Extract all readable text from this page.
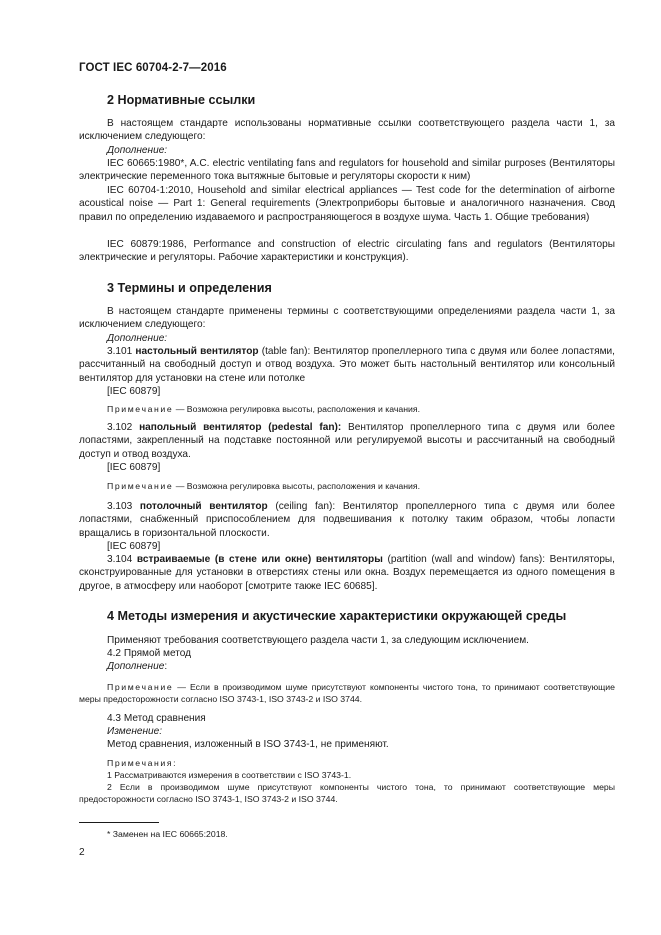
ГОСТ IEC 60704-2-7—2016
2 Нормативные ссылки
В настоящем стандарте использованы нормативные ссылки соответствующего раздела части 1, за исключением следующего:
Дополнение:
IEC 60665:1980*, A.C. electric ventilating fans and regulators for household and similar purposes (Вентиляторы электрические переменного тока вытяжные бытовые и регуляторы скорости к ним)
IEC 60704-1:2010, Household and similar electrical appliances — Test code for the determination of airborne acoustical noise — Part 1: General requirements (Электроприборы бытовые и аналогичного назначения. Свод правил по определению издаваемого и распространяющегося в воздухе шума. Часть 1. Общие требования)
IEC 60879:1986, Performance and construction of electric circulating fans and regulators (Вентиляторы электрические и регуляторы. Рабочие характеристики и конструкция).
3 Термины и определения
В настоящем стандарте применены термины с соответствующими определениями раздела части 1, за исключением следующего:
Дополнение:
3.101 настольный вентилятор (table fan): Вентилятор пропеллерного типа с двумя или более лопастями, рассчитанный на свободный доступ и отвод воздуха. Это может быть настольный вентилятор или консольный вентилятор для установки на стене или потолке
[IEC 60879]
Примечание — Возможна регулировка высоты, расположения и качания.
3.102 напольный вентилятор (pedestal fan): Вентилятор пропеллерного типа с двумя или более лопастями, закрепленный на подставке постоянной или регулируемой высоты и рассчитанный на свободный доступ и отвод воздуха.
[IEC 60879]
Примечание — Возможна регулировка высоты, расположения и качания.
3.103 потолочный вентилятор (ceiling fan): Вентилятор пропеллерного типа с двумя или более лопастями, снабженный приспособлением для подвешивания к потолку таким образом, чтобы лопасти вращались в горизонтальной плоскости.
[IEC 60879]
3.104 встраиваемые (в стене или окне) вентиляторы (partition (wall and window) fans): Вентиляторы, сконструированные для установки в отверстиях стены или окна. Воздух перемещается из одного помещения в другое, в атмосферу или наоборот [смотрите также IEC 60685].
4 Методы измерения и акустические характеристики окружающей среды
Применяют требования соответствующего раздела части 1, за следующим исключением.
4.2 Прямой метод
Дополнение:
Примечание — Если в производимом шуме присутствуют компоненты чистого тона, то принимают соответствующие меры предосторожности согласно ISO 3743-1, ISO 3743-2 и ISO 3744.
4.3 Метод сравнения
Изменение:
Метод сравнения, изложенный в ISO 3743-1, не применяют.
Примечания:
1 Рассматриваются измерения в соответствии с ISO 3743-1.
2 Если в производимом шуме присутствуют компоненты чистого тона, то принимают соответствующие меры предосторожности согласно ISO 3743-1, ISO 3743-2 и ISO 3744.
* Заменен на IEC 60665:2018.
2
